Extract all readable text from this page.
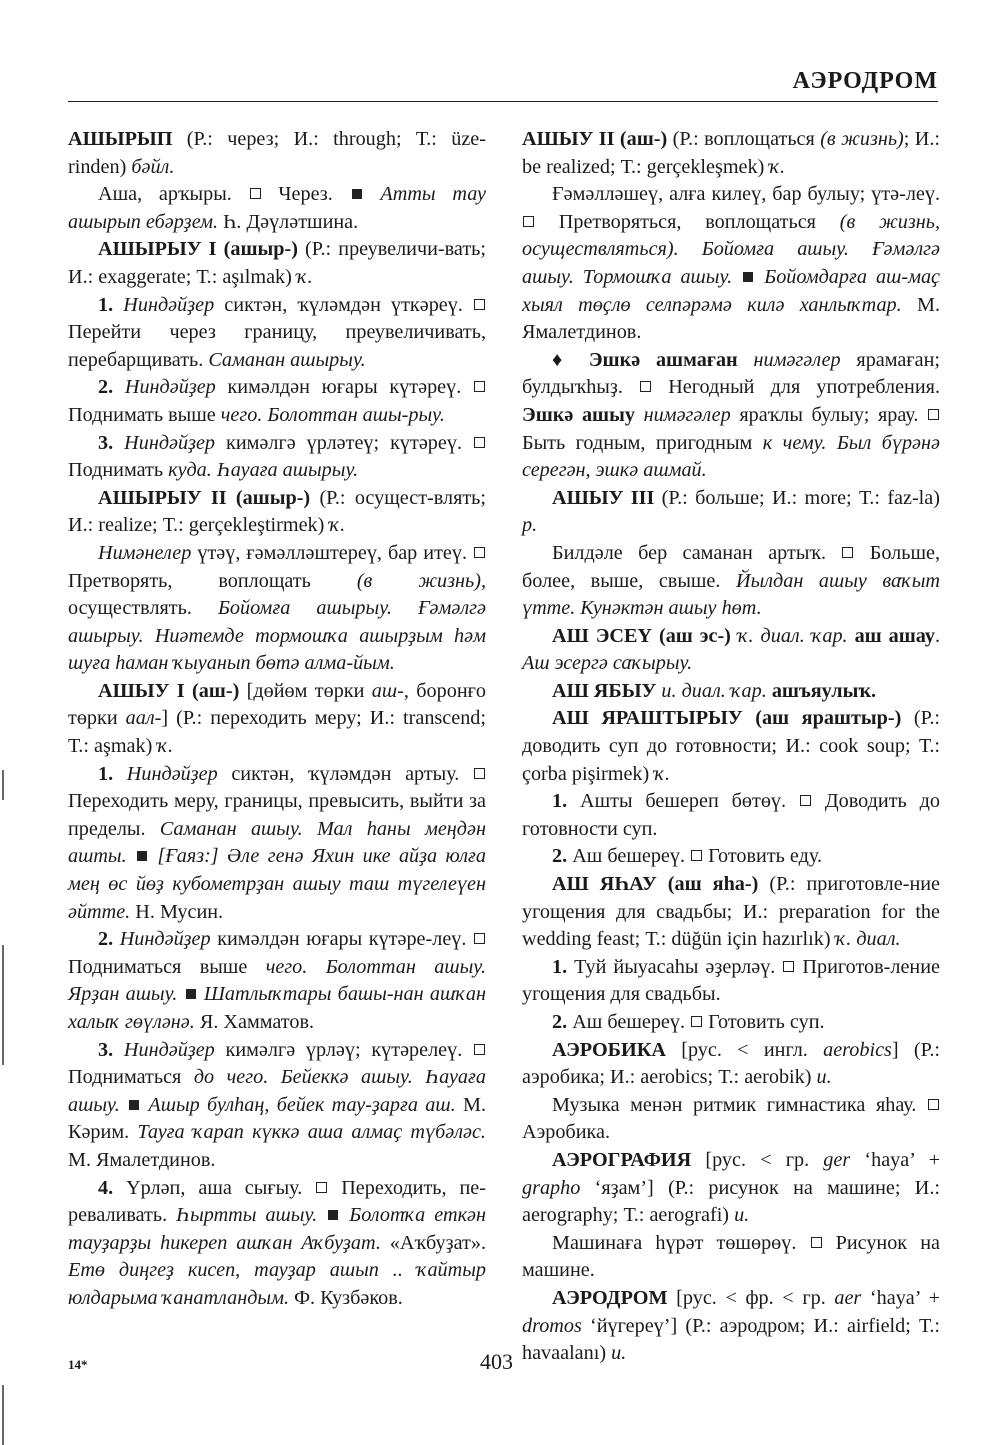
АЭРОДРОМ

АШЫРЫП (Р.: через; И.: through; Т.: üze-rinden) бәйл.

Аша, арҡыры.  Через.  Атты тау ашырып ебәрҙем. Һ. Дәүләтшина.

АШЫРЫУ I (ашыр-) (Р.: преувеличи-вать; И.: exaggerate; Т.: aşılmak) ҡ.

1. Ниндәйҙер сиктән, ҡүләмдән үткәреү.  Перейти через границу, преувеличивать, перебарщивать. Саманан ашырыу.

2. Ниндәйҙер кимәлдән юғары күтәреү.  Поднимать выше чего. Болоттан ашы-рыу.

3. Ниндәйҙер кимәлгә үрләтеү; күтәреү.  Поднимать куда. Һауаға ашырыу.

АШЫРЫУ II (ашыр-) (Р.: осущест-влять; И.: realize; Т.: gerçekleştirmek) ҡ.

Нимәнелер үтәү, ғәмәлләштереү, бар итеү.  Претворять, воплощать (в жизнь), осуществлять. Бойомға ашырыу. Ғәмәлгә ашырыу. Ниәтемде тормошҡа ашырҙым һәм шуға һаман ҡыуанып бөтә алма-йым.

АШЫУ I (аш-) [дөйөм төрки аш-, боронғо төрки аал-] (Р.: переходить меру; И.: transcend; Т.: aşmak) ҡ.

1. Ниндәйҙер сиктән, ҡүләмдән артыу.  Переходить меру, границы, превысить, выйти за пределы. Саманан ашыу. Мал һаны меңдән ашты. [Ғаяз:] Әле генә Яхин ике айҙа юлға мең өс йөҙ кубометрҙан ашыу таш түгелеүен әйтте. Н. Мусин.

2. Ниндәйҙер кимәлдән юғары күтәре-леү.  Подниматься выше чего. Болоттан ашыу. Ярҙан ашыу. Шатлыҡтары башы-нан ашҡан халыҡ гөүләнә. Я. Хамматов.

3. Ниндәйҙер кимәлгә үрләү; күтәрелеү.  Подниматься до чего. Бейеккә ашыу. Һауаға ашыу. Ашыр булһаң, бейек тау-ҙарға аш. М. Кәрим. Тауға ҡарап күккә аша алмаҫ түбәләс. М. Ямалетдинов.

4. Үрләп, аша сығыу.  Переходить, пе-реваливать. Һыртты ашыу. Болотҡа еткән тауҙарҙы һикереп ашҡан Аҡбуҙат. «Аҡбуҙат». Етө диңгеҙ кисеп, тауҙар ашып .. ҡайтыр юлдарыма ҡанатландым. Ф. Кузбәков.

АШЫУ II (аш-) (Р.: воплощаться (в жизнь); И.: be realized; Т.: gerçekleşmek) ҡ.

Ғәмәлләшеү, алға килеү, бар булыу; үтә-леү.  Претворяться, воплощаться (в жизнь, осуществляться). Бойомға ашыу. Ғәмәлгә ашыу. Тормошҡа ашыу. Бойомдарға аш-маҫ хыял төҫлө селпәрәмә килә ханлыҡтар. М. Ямалетдинов.

♦ Эшкә ашмаған нимәгәлер ярамаған; булдыҡһыҙ.  Негодный для употребления. Эшкә ашыу нимәгәлер яраҡлы булыу; ярау.  Быть годным, пригодным к чему. Был бүрәнә серегән, эшкә ашмай.

АШЫУ III (Р.: больше; И.: more; Т.: faz-la) р.

Билдәле бер саманан артыҡ.  Больше, более, выше, свыше. Йылдан ашыу ваҡыт үтте. Кунәктән ашыу һөт.

АШ ЭСЕҮ (аш эс-) ҡ. диал. ҡар. аш ашау. Аш эсергә саҡырыу.

АШ ЯБЫУ и. диал. ҡар. ашъяулыҡ.

АШ ЯРАШТЫРЫУ (аш яраштыр-) (Р.: доводить суп до готовности; И.: cook soup; Т.: çorba pişirmek) ҡ.

1. Ашты бешереп бөтөү.  Доводить до готовности суп.

2. Аш бешереү.  Готовить еду.

АШ ЯҺАУ (аш яһа-) (Р.: приготовле-ние угощения для свадьбы; И.: preparation for the wedding feast; Т.: düğün için hazırlık) ҡ. диал.

1. Туй йыуасаһы әҙерләү.  Приготов-ление угощения для свадьбы.

2. Аш бешереү.  Готовить суп.

АЭРОБИКА [рус. < ингл. aerobics] (Р.: аэробика; И.: aerobics; Т.: aerobik) и.

Музыка менән ритмик гимнастика яһау.  Аэробика.

АЭРОГРАФИЯ [рус. < гр. ger ‘haya’ + grapho ‘яҙам’] (Р.: рисунок на машине; И.: aerography; Т.: aerografi) и.

Машинаға һүрәт төшөрөү.  Рисунок на машине.

АЭРОДРОМ [рус. < фр. < гр. aer ‘haya’ + dromos ‘йүгереү’] (Р.: аэродром; И.: airfield; Т.: havaalanı) и.

14*	403
